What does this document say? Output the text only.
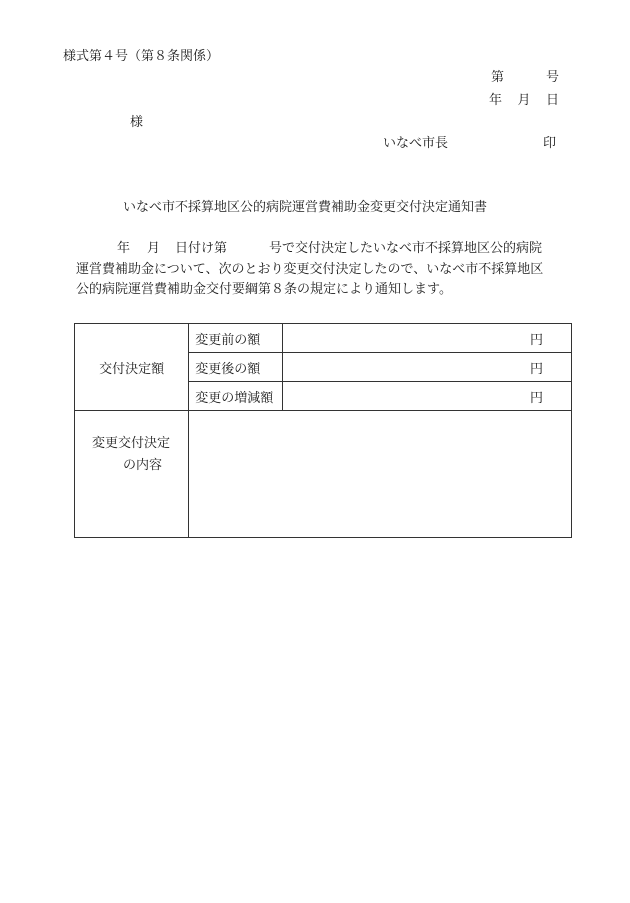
様式第４号（第８条関係）
第	号
年 月 日
様
いなべ市長	印
いなべ市不採算地区公的病院運営費補助金変更交付決定通知書
年 月 日付け第	号で交付決定したいなべ市不採算地区公的病院
運営費補助金について、次のとおり変更交付決定したので、いなべ市不採算地区
公的病院運営費補助金交付要綱第８条の規定により通知します。
交付決定額	変更前の額	円
	変更後の額	円
	変更の増減額	円

変更交付決定
の内容		
